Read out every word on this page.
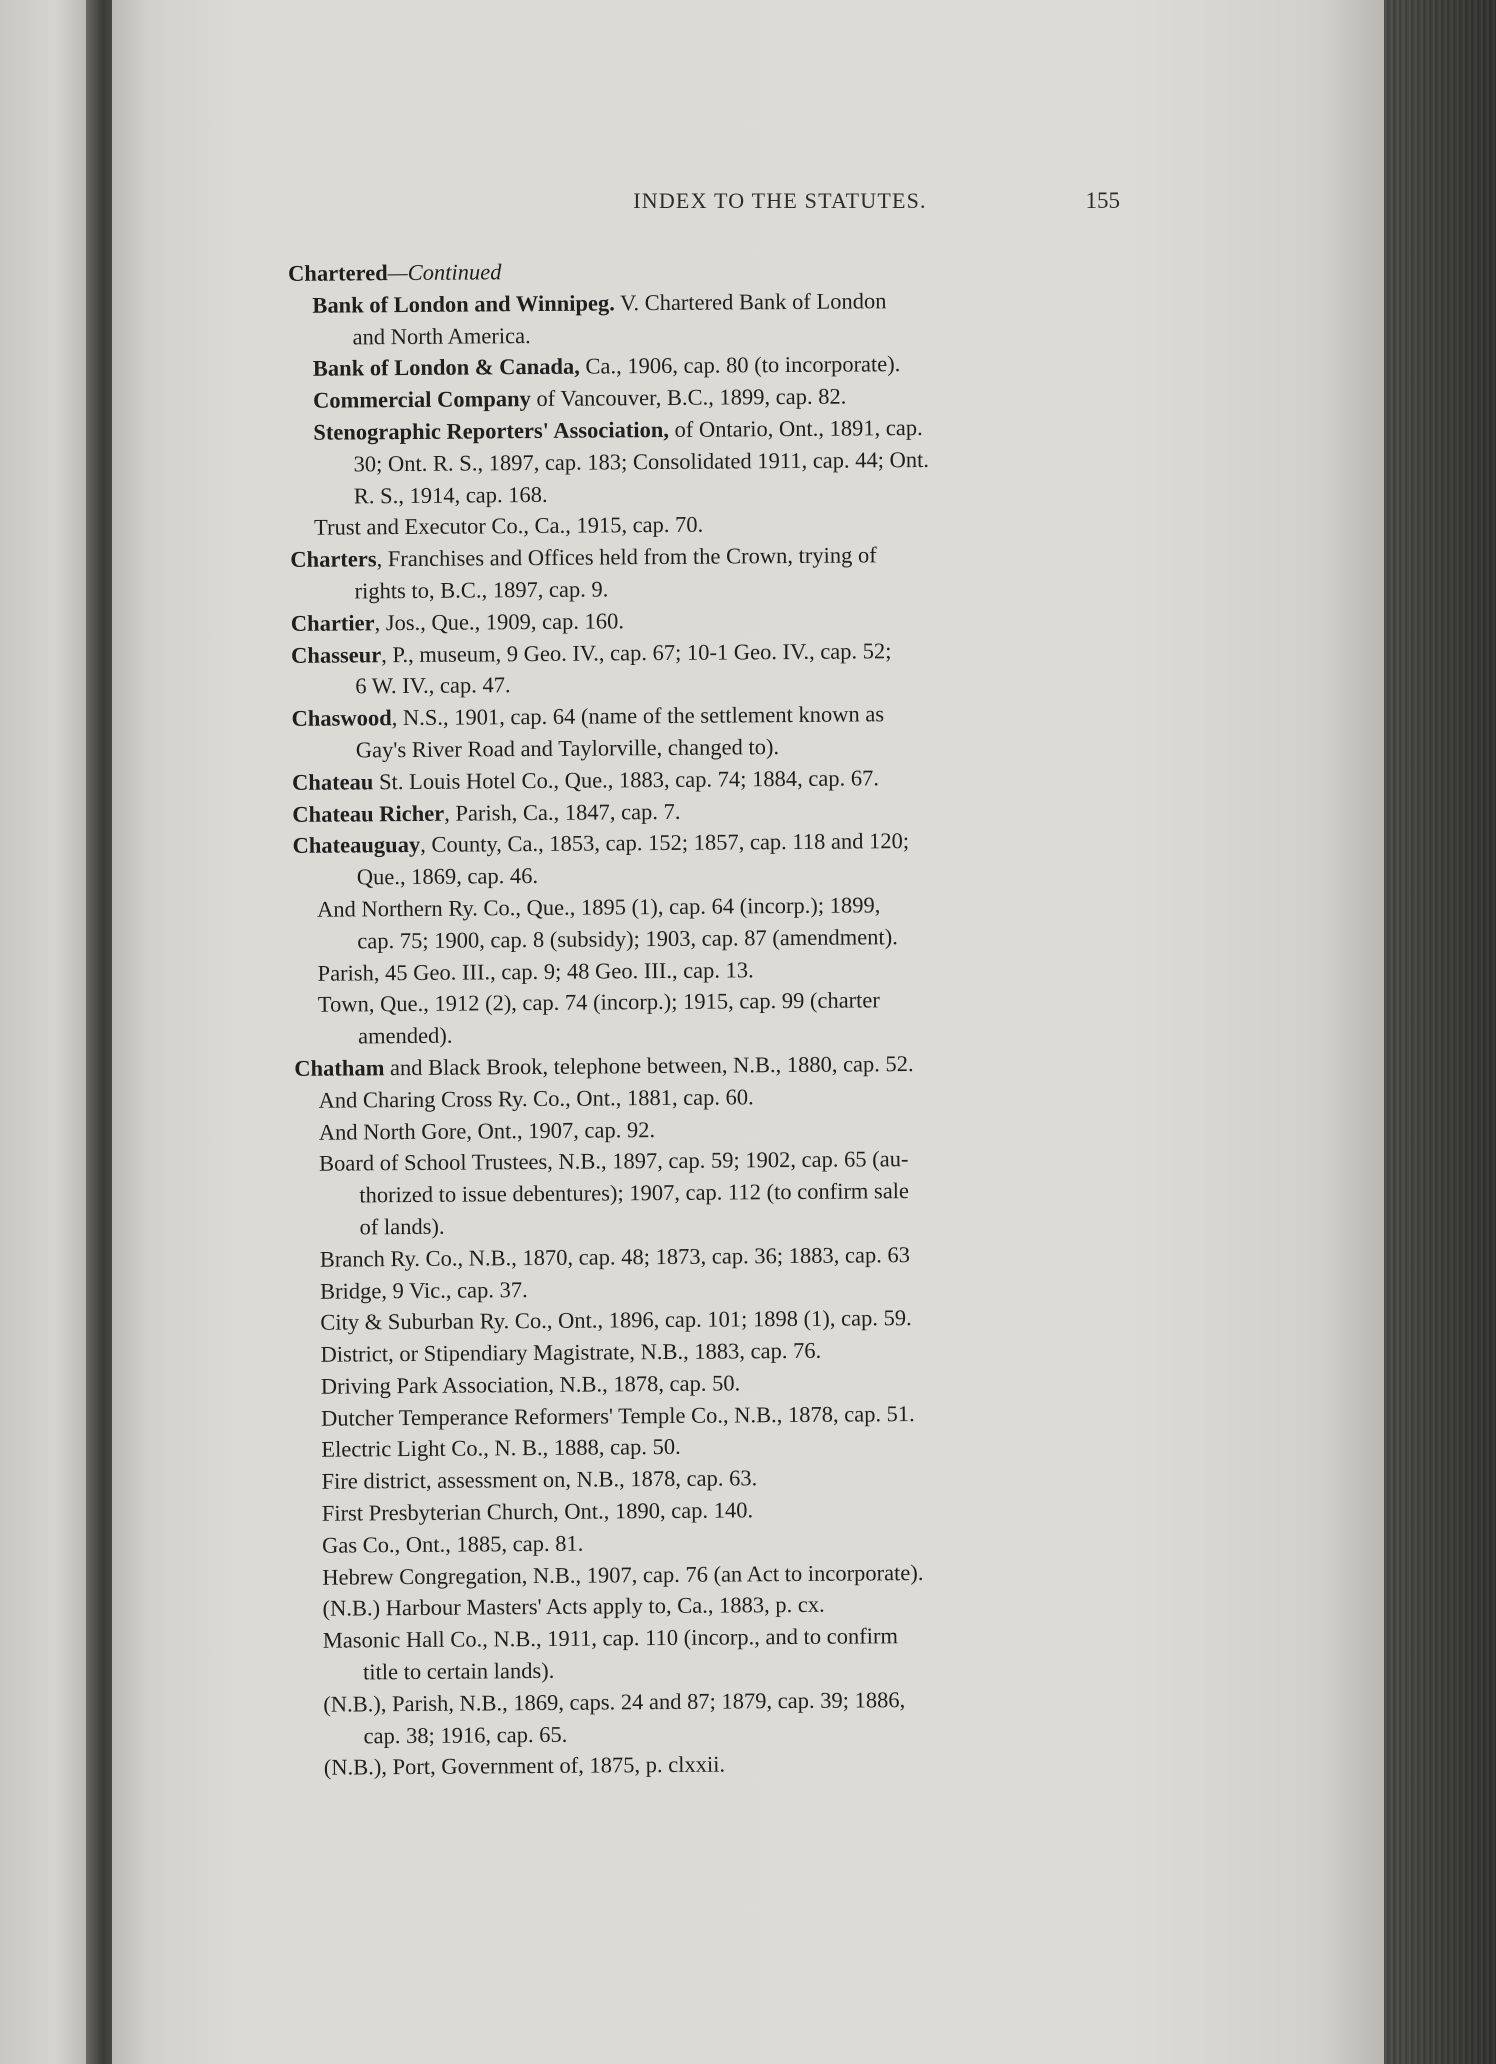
INDEX TO THE STATUTES.	155
Chartered—Continued
Bank of London and Winnipeg. V. Chartered Bank of London
and North America.
Bank of London & Canada, Ca., 1906, cap. 80 (to incorporate).
Commercial Company of Vancouver, B.C., 1899, cap. 82.
Stenographic Reporters' Association, of Ontario, Ont., 1891, cap.
30; Ont. R. S., 1897, cap. 183; Consolidated 1911, cap. 44; Ont.
R. S., 1914, cap. 168.
Trust and Executor Co., Ca., 1915, cap. 70.
Charters, Franchises and Offices held from the Crown, trying of
rights to, B.C., 1897, cap. 9.
Chartier, Jos., Que., 1909, cap. 160.
Chasseur, P., museum, 9 Geo. IV., cap. 67; 10-1 Geo. IV., cap. 52;
6 W. IV., cap. 47.
Chaswood, N.S., 1901, cap. 64 (name of the settlement known as
Gay's River Road and Taylorville, changed to).
Chateau St. Louis Hotel Co., Que., 1883, cap. 74; 1884, cap. 67.
Chateau Richer, Parish, Ca., 1847, cap. 7.
Chateauguay, County, Ca., 1853, cap. 152; 1857, cap. 118 and 120;
Que., 1869, cap. 46.
And Northern Ry. Co., Que., 1895 (1), cap. 64 (incorp.); 1899,
cap. 75; 1900, cap. 8 (subsidy); 1903, cap. 87 (amendment).
Parish, 45 Geo. III., cap. 9; 48 Geo. III., cap. 13.
Town, Que., 1912 (2), cap. 74 (incorp.); 1915, cap. 99 (charter
amended).
Chatham and Black Brook, telephone between, N.B., 1880, cap. 52.
And Charing Cross Ry. Co., Ont., 1881, cap. 60.
And North Gore, Ont., 1907, cap. 92.
Board of School Trustees, N.B., 1897, cap. 59; 1902, cap. 65 (au-
thorized to issue debentures); 1907, cap. 112 (to confirm sale
of lands).
Branch Ry. Co., N.B., 1870, cap. 48; 1873, cap. 36; 1883, cap. 63
Bridge, 9 Vic., cap. 37.
City & Suburban Ry. Co., Ont., 1896, cap. 101; 1898 (1), cap. 59.
District, or Stipendiary Magistrate, N.B., 1883, cap. 76.
Driving Park Association, N.B., 1878, cap. 50.
Dutcher Temperance Reformers' Temple Co., N.B., 1878, cap. 51.
Electric Light Co., N. B., 1888, cap. 50.
Fire district, assessment on, N.B., 1878, cap. 63.
First Presbyterian Church, Ont., 1890, cap. 140.
Gas Co., Ont., 1885, cap. 81.
Hebrew Congregation, N.B., 1907, cap. 76 (an Act to incorporate).
(N.B.) Harbour Masters' Acts apply to, Ca., 1883, p. cx.
Masonic Hall Co., N.B., 1911, cap. 110 (incorp., and to confirm
title to certain lands).
(N.B.), Parish, N.B., 1869, caps. 24 and 87; 1879, cap. 39; 1886,
cap. 38; 1916, cap. 65.
(N.B.), Port, Government of, 1875, p. clxxii.
